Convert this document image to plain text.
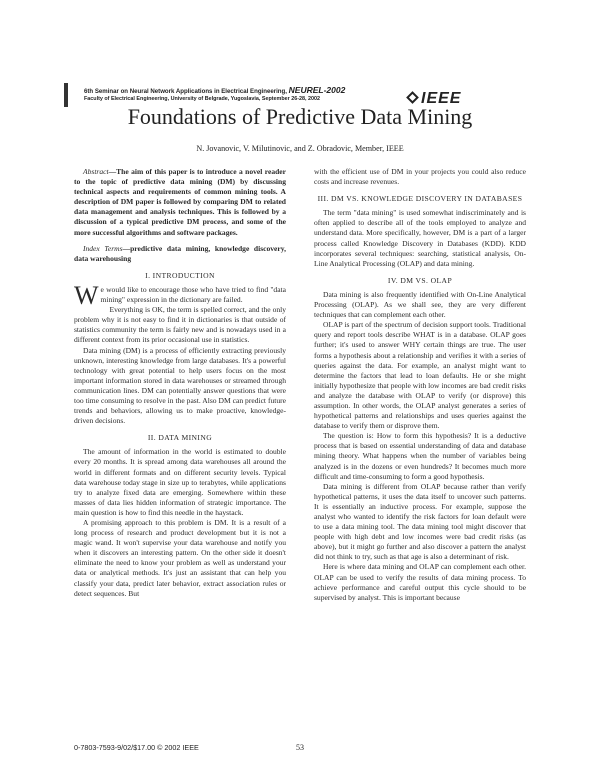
6th Seminar on Neural Network Applications in Electrical Engineering, NEUREL-2002
Faculty of Electrical Engineering, University of Belgrade, Yugoslavia, September 26-28, 2002	IEEE
Foundations of Predictive Data Mining
N. Jovanovic, V. Milutinovic, and Z. Obradovic, Member, IEEE

Abstract—The aim of this paper is to introduce a novel reader to the topic of predictive data mining (DM) by discussing technical aspects and requirements of common mining tools. A description of DM paper is followed by comparing DM to related data management and analysis techniques. This is followed by a discussion of a typical predictive DM process, and some of the more successful algorithms and software packages.

Index Terms—predictive data mining, knowledge discovery, data warehousing

I. INTRODUCTION

We would like to encourage those who have tried to find "data mining" expression in the dictionary are failed.

Everything is OK, the term is spelled correct, and the only problem why it is not easy to find it in dictionaries is that outside of statistics community the term is fairly new and is nowadays used in a different context from its prior occasional use in statistics.

Data mining (DM) is a process of efficiently extracting previously unknown, interesting knowledge from large databases. It's a powerful technology with great potential to help users focus on the most important information stored in data warehouses or streamed through communication lines. DM can potentially answer questions that were too time consuming to resolve in the past. Also DM can predict future trends and behaviors, allowing us to make proactive, knowledge-driven decisions.

II. DATA MINING

The amount of information in the world is estimated to double every 20 months. It is spread among data warehouses all around the world in different formats and on different security levels. Typical data warehouse today stage in size up to terabytes, while applications try to analyze fixed data are emerging. Somewhere within these masses of data lies hidden information of strategic importance. The main question is how to find this needle in the haystack.

A promising approach to this problem is DM. It is a result of a long process of research and product development but it is not a magic wand. It won't supervise your data warehouse and notify you when it discovers an interesting pattern. On the other side it doesn't eliminate the need to know your problem as well as understand your data or analytical methods. It's just an assistant that can help you classify your data, predict later behavior, extract association rules or detect sequences. But

with the efficient use of DM in your projects you could also reduce costs and increase revenues.

III. DM VS. KNOWLEDGE DISCOVERY IN DATABASES

The term "data mining" is used somewhat indiscriminately and is often applied to describe all of the tools employed to analyze and understand data. More specifically, however, DM is a part of a larger process called Knowledge Discovery in Databases (KDD). KDD incorporates several techniques: searching, statistical analysis, On-Line Analytical Processing (OLAP) and data mining.

IV. DM VS. OLAP

Data mining is also frequently identified with On-Line Analytical Processing (OLAP). As we shall see, they are very different techniques that can complement each other.

OLAP is part of the spectrum of decision support tools. Traditional query and report tools describe WHAT is in a database. OLAP goes further; it's used to answer WHY certain things are true. The user forms a hypothesis about a relationship and verifies it with a series of queries against the data. For example, an analyst might want to determine the factors that lead to loan defaults. He or she might initially hypothesize that people with low incomes are bad credit risks and analyze the database with OLAP to verify (or disprove) this assumption. In other words, the OLAP analyst generates a series of hypothetical patterns and relationships and uses queries against the database to verify them or disprove them.

The question is: How to form this hypothesis? It is a deductive process that is based on essential understanding of data and database mining theory. What happens when the number of variables being analyzed is in the dozens or even hundreds? It becomes much more difficult and time-consuming to form a good hypothesis.

Data mining is different from OLAP because rather than verify hypothetical patterns, it uses the data itself to uncover such patterns. It is essentially an inductive process. For example, suppose the analyst who wanted to identify the risk factors for loan default were to use a data mining tool. The data mining tool might discover that people with high debt and low incomes were bad credit risks (as above), but it might go further and also discover a pattern the analyst did not think to try, such as that age is also a determinant of risk.

Here is where data mining and OLAP can complement each other. OLAP can be used to verify the results of data mining process. To achieve performance and careful output this cycle should to be supervised by analyst. This is important because

0-7803-7593-9/02/$17.00 © 2002 IEEE	53
